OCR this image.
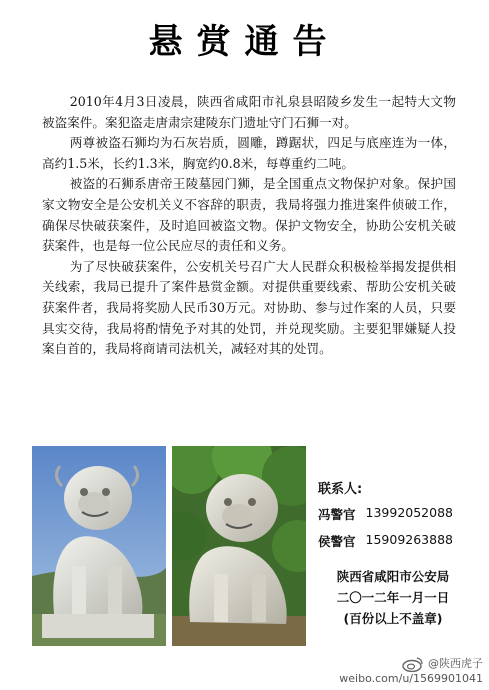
悬赏通告

2010年4月3日凌晨，陕西省咸阳市礼泉县昭陵乡发生一起特大文物被盗案件。案犯盗走唐肃宗建陵东门遗址守门石狮一对。

两尊被盗石狮均为石灰岩质，圆雕，蹲踞状，四足与底座连为一体，高约1.5米，长约1.3米，胸宽约0.8米，每尊重约二吨。

被盗的石狮系唐帝王陵墓园门狮，是全国重点文物保护对象。保护国家文物安全是公安机关义不容辞的职责，我局将强力推进案件侦破工作，确保尽快破获案件，及时追回被盗文物。保护文物安全，协助公安机关破获案件，也是每一位公民应尽的责任和义务。

为了尽快破获案件，公安机关号召广大人民群众积极检举揭发提供相关线索，我局已提升了案件悬赏金额。对提供重要线索、帮助公安机关破获案件者，我局将奖励人民币30万元。对协助、参与过作案的人员，只要具实交待，我局将酌情免予对其的处罚，并兑现奖励。主要犯罪嫌疑人投案自首的，我局将商请司法机关，减轻对其的处罚。

联系人:
冯警官 13992052088
侯警官 15909263888
陕西省咸阳市公安局
二〇一二年一月一日
(百份以上不盖章)
@陕西虎子
weibo.com/u/1569901041
